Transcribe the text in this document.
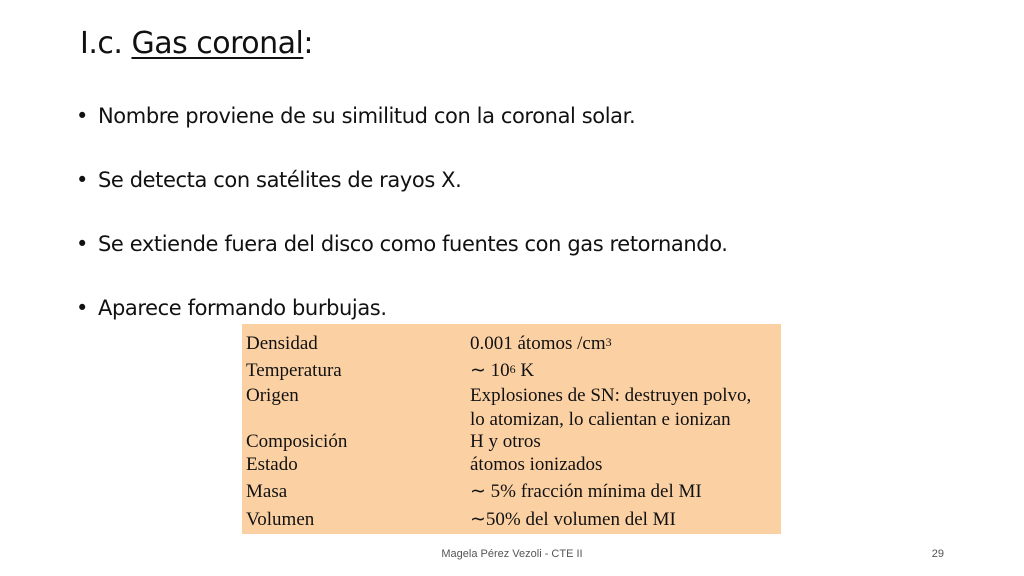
I.c. Gas coronal:
• Nombre proviene de su similitud con la coronal solar.
• Se detecta con satélites de rayos X.
• Se extiende fuera del disco como fuentes con gas retornando.
• Aparece formando burbujas.
Densidad	0.001 átomos $/cm^3$
Temperatura	∼ $10^6$ K
Origen	Explosiones de SN: destruyen polvo,
lo atomizan, lo calientan e ionizan
Composición	H y otros
Estado	átomos ionizados
Masa	∼ 5% fracción mínima del MI
Volumen	∼50% del volumen del MI
Magela Pérez Vezoli - CTE II	29
